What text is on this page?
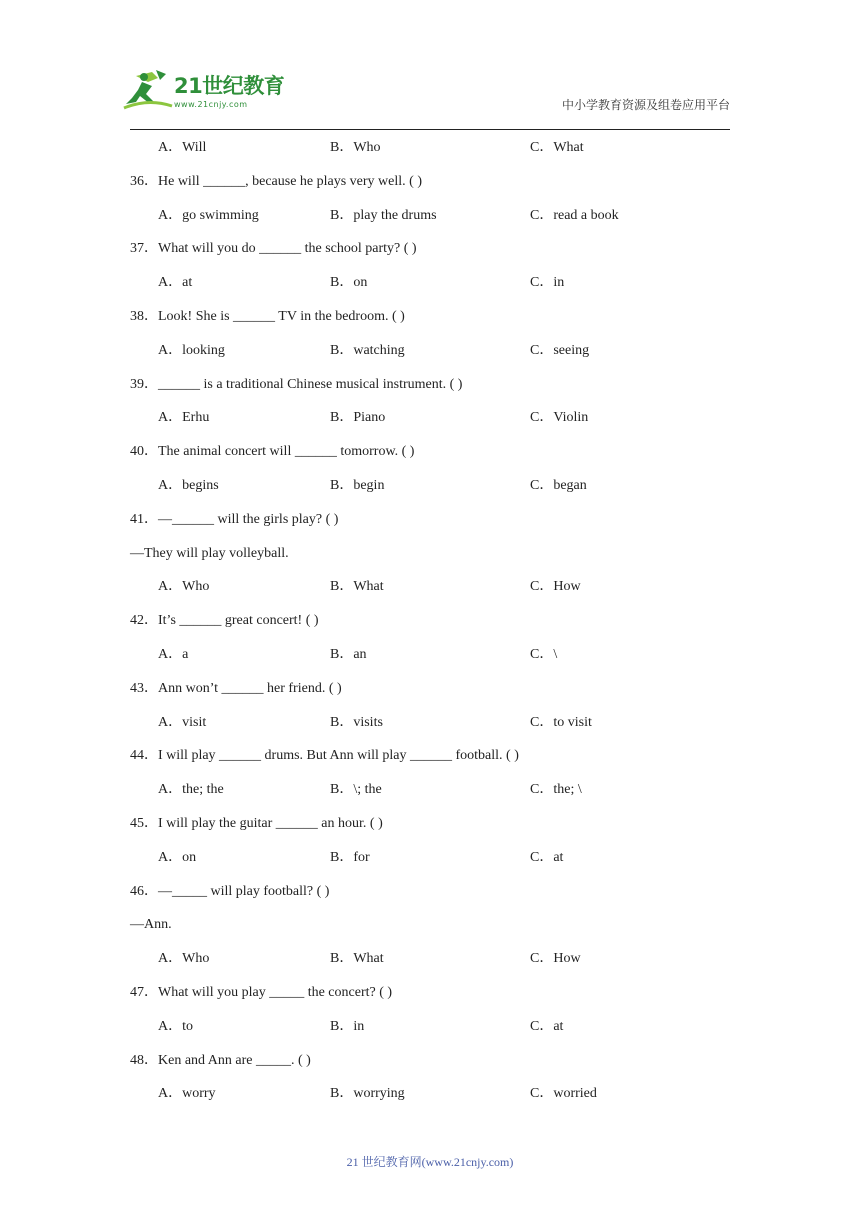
21世纪教育
www.21cnjy.com	中小学教育资源及组卷应用平台
A．Will	B．Who	C．What
36．He will ______, because he plays very well. ( )
A．go swimming	B．play the drums	C．read a book
37．What will you do ______ the school party? ( )
A．at	B．on	C．in
38．Look! She is ______ TV in the bedroom. ( )
A．looking	B．watching	C．seeing
39．______ is a traditional Chinese musical instrument. ( )
A．Erhu	B．Piano	C．Violin
40．The animal concert will ______ tomorrow. ( )
A．begins	B．begin	C．began
41．—______ will the girls play? ( )
—They will play volleyball.
A．Who	B．What	C．How
42．It’s ______ great concert! ( )
A．a	B．an	C．\
43．Ann won’t ______ her friend. ( )
A．visit	B．visits	C．to visit
44．I will play ______ drums. But Ann will play ______ football. ( )
A．the; the	B．\; the	C．the; \
45．I will play the guitar ______ an hour. ( )
A．on	B．for	C．at
46．—_____ will play football? ( )
—Ann.
A．Who	B．What	C．How
47．What will you play _____ the concert? ( )
A．to	B．in	C．at
48．Ken and Ann are _____. ( )
A．worry	B．worrying	C．worried
21 世纪教育网(www.21cnjy.com)
